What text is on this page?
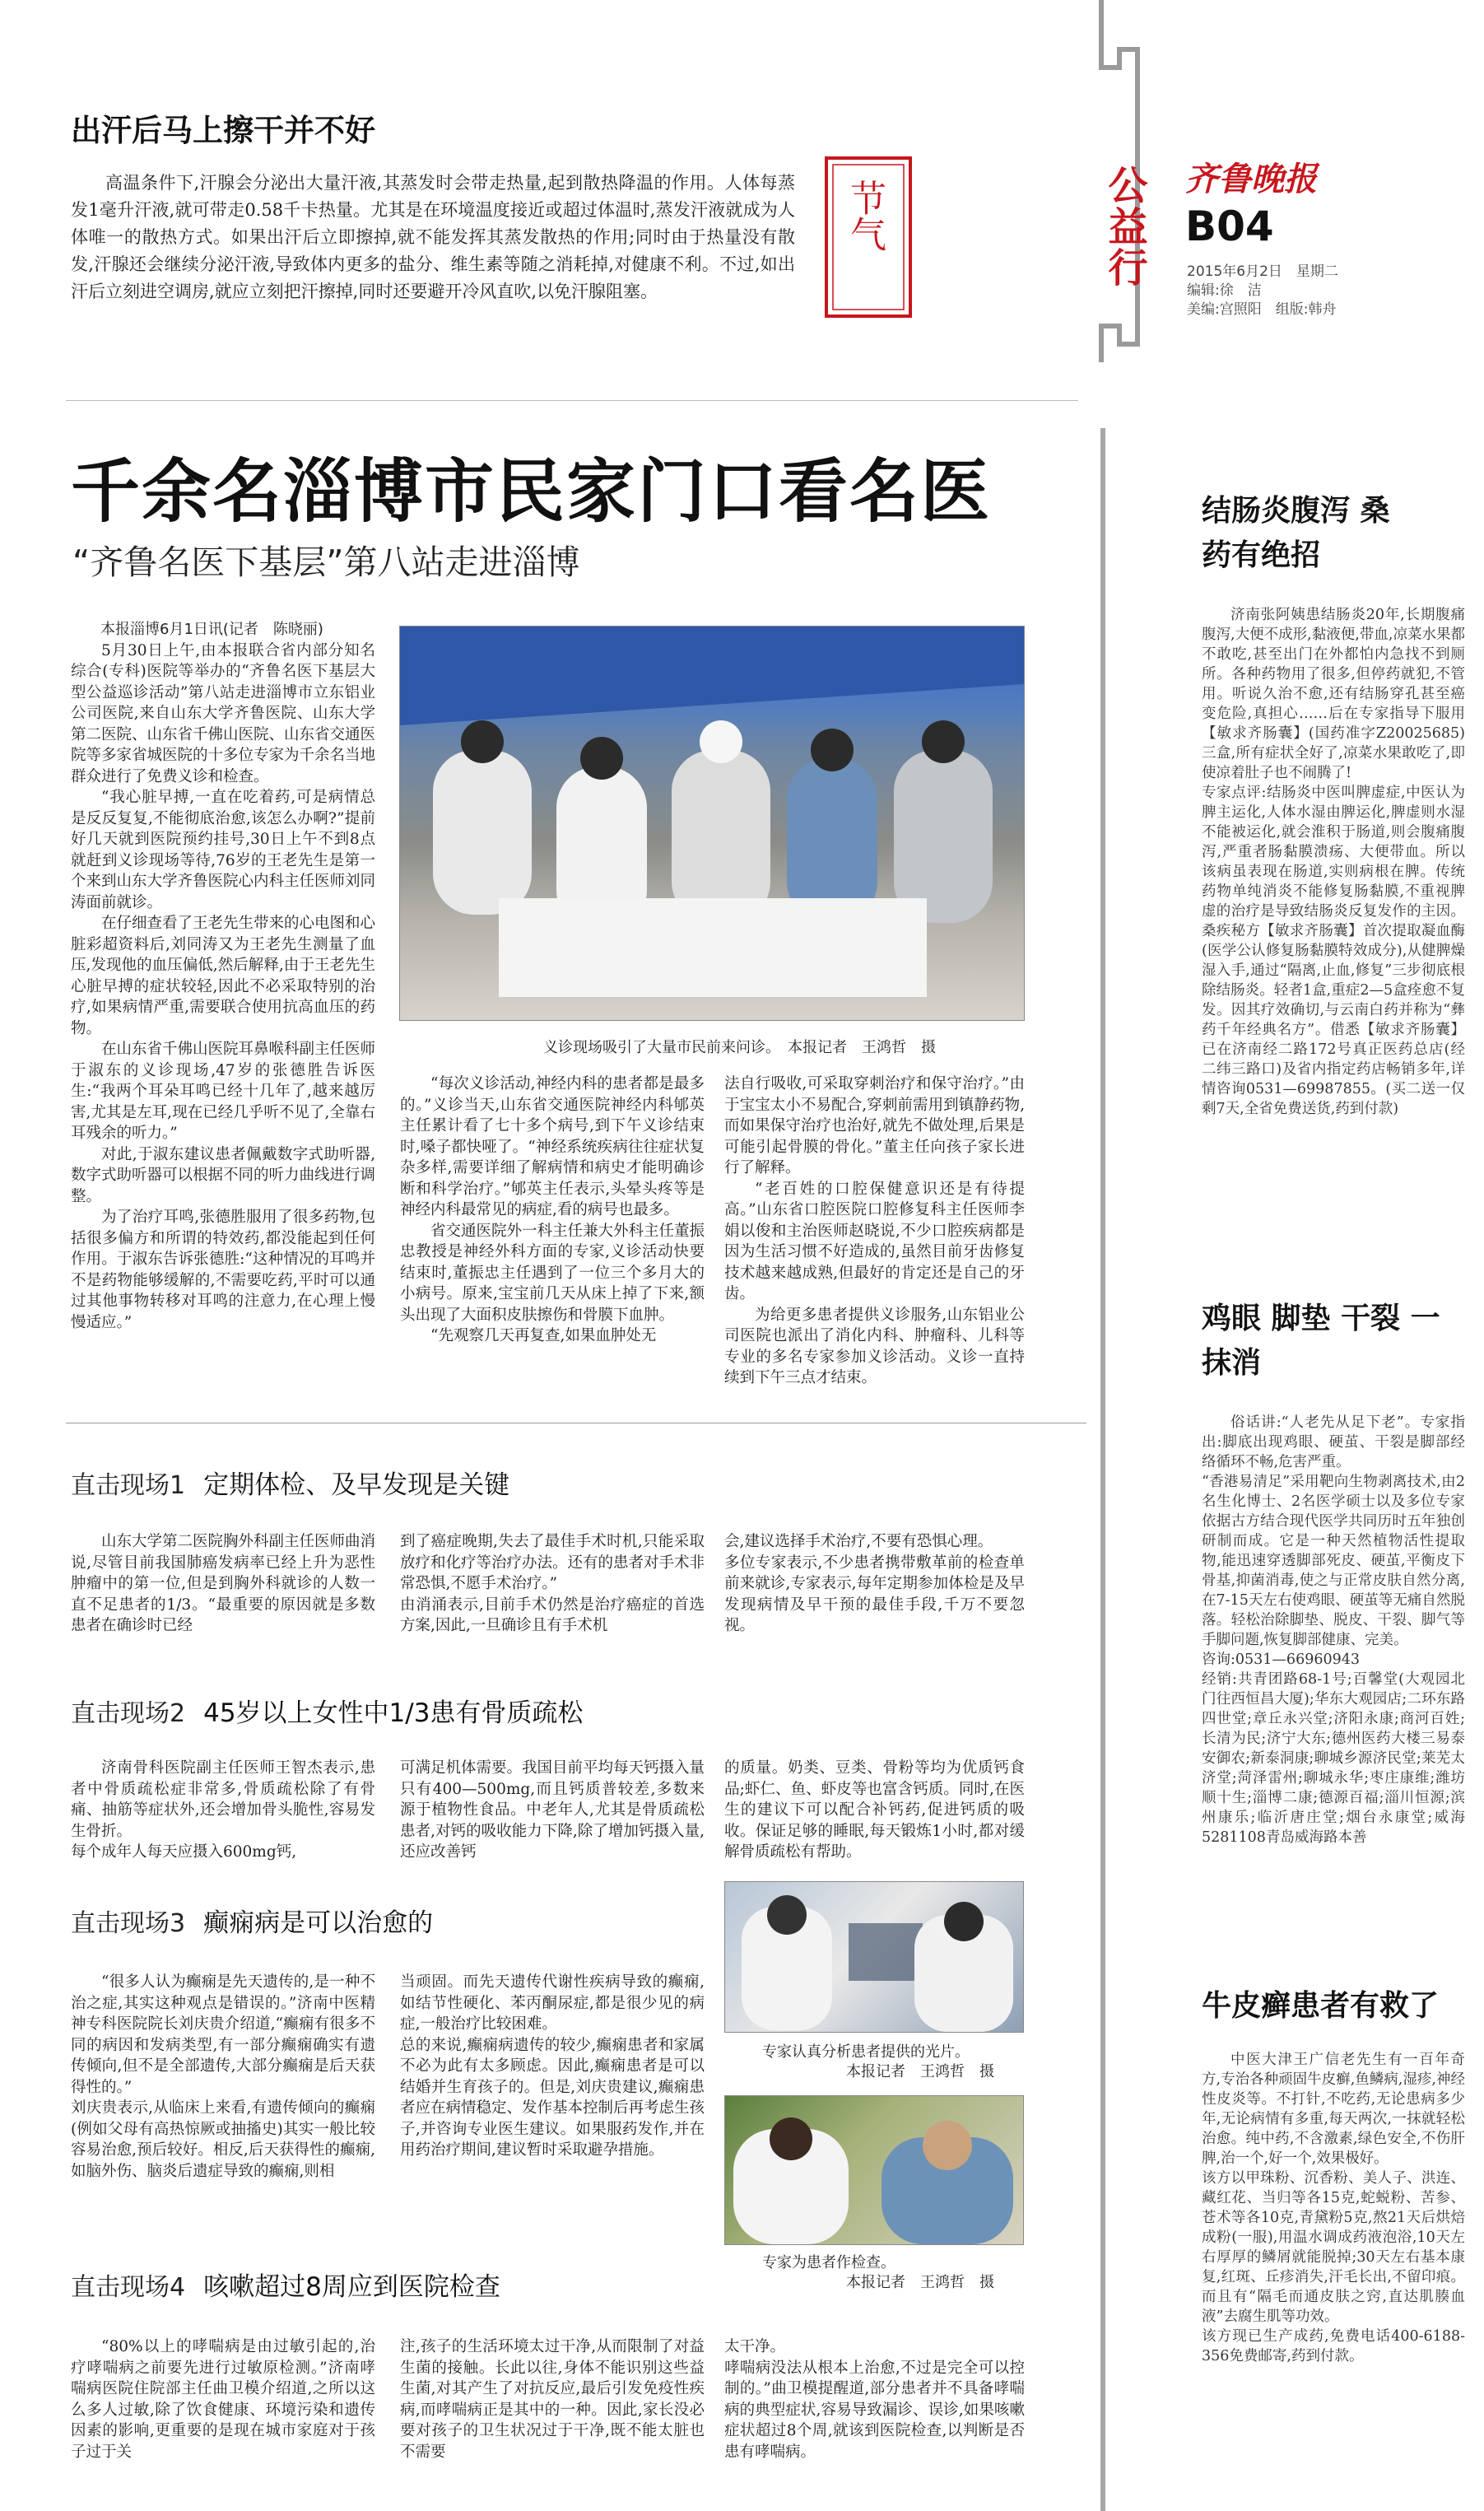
公益行 齐鲁晚报
B04
2015年6月2日　 星期二
编辑:徐　洁
美编:宫照阳　组版:韩舟
出汗后马上擦干并不好

高温条件下,汗腺会分泌出大量汗液,其蒸发时会带走热量,起到散热降温的作用。人体每蒸发1毫升汗液,就可带走0.58千卡热量。尤其是在环境温度接近或超过体温时,蒸发汗液就成为人体唯一的散热方式。如果出汗后立即擦掉,就不能发挥其蒸发散热的作用;同时由于热量没有散发,汗腺还会继续分泌汗液,导致体内更多的盐分、维生素等随之消耗掉,对健康不利。不过,如出汗后立刻进空调房,就应立刻把汗擦掉,同时还要避开冷风直吹,以免汗腺阻塞。

节气
千余名淄博市民家门口看名医
“齐鲁名医下基层”第八站走进淄博
本报淄博6月1日讯(记者　陈晓丽)

5月30日上午,由本报联合省内部分知名综合(专科)医院等举办的“齐鲁名医下基层大型公益巡诊活动”第八站走进淄博市立东铝业公司医院,来自山东大学齐鲁医院、山东大学第二医院、山东省千佛山医院、山东省交通医院等多家省城医院的十多位专家为千余名当地群众进行了免费义诊和检查。

“我心脏早搏,一直在吃着药,可是病情总是反反复复,不能彻底治愈,该怎么办啊?”提前好几天就到医院预约挂号,30日上午不到8点就赶到义诊现场等待,76岁的王老先生是第一个来到山东大学齐鲁医院心内科主任医师刘同涛面前就诊。

在仔细查看了王老先生带来的心电图和心脏彩超资料后,刘同涛又为王老先生测量了血压,发现他的血压偏低,然后解释,由于王老先生心脏早搏的症状较轻,因此不必采取特别的治疗,如果病情严重,需要联合使用抗高血压的药物。

在山东省千佛山医院耳鼻喉科副主任医师于淑东的义诊现场,47岁的张德胜告诉医生:“我两个耳朵耳鸣已经十几年了,越来越厉害,尤其是左耳,现在已经几乎听不见了,全靠右耳残余的听力。”

对此,于淑东建议患者佩戴数字式助听器,数字式助听器可以根据不同的听力曲线进行调整。

为了治疗耳鸣,张德胜服用了很多药物,包括很多偏方和所谓的特效药,都没能起到任何作用。于淑东告诉张德胜:“这种情况的耳鸣并不是药物能够缓解的,不需要吃药,平时可以通过其他事物转移对耳鸣的注意力,在心理上慢慢适应。”

义诊现场吸引了大量市民前来问诊。　本报记者　王鸿哲　摄

“每次义诊活动,神经内科的患者都是最多的。”义诊当天,山东省交通医院神经内科郇英主任累计看了七十多个病号,到下午义诊结束时,嗓子都快哑了。“神经系统疾病往往症状复杂多样,需要详细了解病情和病史才能明确诊断和科学治疗。”郇英主任表示,头晕头疼等是神经内科最常见的病症,看的病号也最多。

省交通医院外一科主任兼大外科主任董振忠教授是神经外科方面的专家,义诊活动快要结束时,董振忠主任遇到了一位三个多月大的小病号。原来,宝宝前几天从床上掉了下来,额头出现了大面积皮肤擦伤和骨膜下血肿。

“先观察几天再复查,如果血肿处无

法自行吸收,可采取穿刺治疗和保守治疗。”由于宝宝太小不易配合,穿刺前需用到镇静药物,而如果保守治疗也治好,就先不做处理,后果是可能引起骨膜的骨化。”董主任向孩子家长进行了解释。

“老百姓的口腔保健意识还是有待提高。”山东省口腔医院口腔修复科主任医师李娟以俊和主治医师赵晓说,不少口腔疾病都是因为生活习惯不好造成的,虽然目前牙齿修复技术越来越成熟,但最好的肯定还是自己的牙齿。

为给更多患者提供义诊服务,山东铝业公司医院也派出了消化内科、肿瘤科、儿科等专业的多名专家参加义诊活动。义诊一直持续到下午三点才结束。

直击现场1 定期体检、及早发现是关键

山东大学第二医院胸外科副主任医师曲消说,尽管目前我国肺癌发病率已经上升为恶性肿瘤中的第一位,但是到胸外科就诊的人数一直不足患者的1/3。“最重要的原因就是多数患者在确诊时已经

到了癌症晚期,失去了最佳手术时机,只能采取放疗和化疗等治疗办法。还有的患者对手术非常恐惧,不愿手术治疗。”
由消涌表示,目前手术仍然是治疗癌症的首选方案,因此,一旦确诊且有手术机

会,建议选择手术治疗,不要有恐惧心理。
多位专家表示,不少患者携带敷革前的检查单前来就诊,专家表示,每年定期参加体检是及早发现病情及早干预的最佳手段,千万不要忽视。

直击现场2 45岁以上女性中1/3患有骨质疏松

济南骨科医院副主任医师王智杰表示,患者中骨质疏松症非常多,骨质疏松除了有骨痛、抽筋等症状外,还会增加骨头脆性,容易发生骨折。
每个成年人每天应摄入600mg钙,

可满足机体需要。我国目前平均每天钙摄入量只有400—500mg,而且钙质普较差,多数来源于植物性食品。中老年人,尤其是骨质疏松患者,对钙的吸收能力下降,除了增加钙摄入量,还应改善钙

的质量。奶类、豆类、骨粉等均为优质钙食品;虾仁、鱼、虾皮等也富含钙质。同时,在医生的建议下可以配合补钙药,促进钙质的吸收。保证足够的睡眠,每天锻炼1小时,都对缓解骨质疏松有帮助。

直击现场3 癫痫病是可以治愈的

“很多人认为癫痫是先天遗传的,是一种不治之症,其实这种观点是错误的。”济南中医精神专科医院院长刘庆贵介绍道,“癫痫有很多不同的病因和发病类型,有一部分癫痫确实有遗传倾向,但不是全部遗传,大部分癫痫是后天获得性的。”
刘庆贵表示,从临床上来看,有遗传倾向的癫痫(例如父母有高热惊厥或抽搐史)其实一般比较容易治愈,预后较好。相反,后天获得性的癫痫,如脑外伤、脑炎后遗症导致的癫痫,则相

当顽固。而先天遗传代谢性疾病导致的癫痫,如结节性硬化、苯丙酮尿症,都是很少见的病症,一般治疗比较困难。
总的来说,癫痫病遗传的较少,癫痫患者和家属不必为此有太多顾虑。因此,癫痫患者是可以结婚并生育孩子的。但是,刘庆贵建议,癫痫患者应在病情稳定、发作基本控制后再考虑生孩子,并咨询专业医生建议。如果服药发作,并在用药治疗期间,建议暂时采取避孕措施。

专家认真分析患者提供的光片。
本报记者　王鸿哲　摄
专家为患者作检查。
本报记者　王鸿哲　摄
直击现场4 咳嗽超过8周应到医院检查

“80%以上的哮喘病是由过敏引起的,治疗哮喘病之前要先进行过敏原检测。”济南哮喘病医院住院部主任曲卫模介绍道,之所以这么多人过敏,除了饮食健康、环境污染和遗传因素的影响,更重要的是现在城市家庭对于孩子过于关

注,孩子的生活环境太过干净,从而限制了对益生菌的接触。长此以往,身体不能识别这些益生菌,对其产生了对抗反应,最后引发免疫性疾病,而哮喘病正是其中的一种。因此,家长没必要对孩子的卫生状况过于干净,既不能太脏也不需要

太干净。
哮喘病没法从根本上治愈,不过是完全可以控制的。”曲卫模提醒道,部分患者并不具备哮喘病的典型症状,容易导致漏诊、误诊,如果咳嗽症状超过8个周,就该到医院检查,以判断是否患有哮喘病。

结肠炎腹泻 桑药有绝招

济南张阿姨患结肠炎20年,长期腹痛腹泻,大便不成形,黏液便,带血,凉菜水果都不敢吃,甚至出门在外都怕内急找不到厕所。各种药物用了很多,但停药就犯,不管用。听说久治不愈,还有结肠穿孔甚至癌变危险,真担心……后在专家指导下服用【敏求齐肠囊】(国药准字Z20025685)三盒,所有症状全好了,凉菜水果敢吃了,即使凉着肚子也不闹腾了!
专家点评:结肠炎中医叫脾虚症,中医认为脾主运化,人体水湿由脾运化,脾虚则水湿不能被运化,就会淮积于肠道,则会腹痛腹泻,严重者肠黏膜溃疡、大便带血。所以该病虽表现在肠道,实则病根在脾。传统药物单纯消炎不能修复肠黏膜,不重视脾虚的治疗是导致结肠炎反复发作的主因。桑疾秘方【敏求齐肠囊】首次提取凝血酶(医学公认修复肠黏膜特效成分),从健脾燥湿入手,通过“隔离,止血,修复”三步彻底根除结肠炎。轻者1盒,重症2—5盒痊愈不复发。因其疗效确切,与云南白药并称为“彝药千年经典名方”。借悉【敏求齐肠囊】已在济南经二路172号真正医药总店(经二纬三路口)及省内指定药店畅销多年,详情咨询0531—69987855。(买二送一仅剩7天,全省免费送货,药到付款)

鸡眼 脚垫 干裂 一抹消

俗话讲:“人老先从足下老”。专家指出:脚底出现鸡眼、硬茧、干裂是脚部经络循环不畅,危害严重。
“香港易清足”采用靶向生物剥离技术,由2名生化博士、2名医学硕士以及多位专家依据古方结合现代医学共同历时五年独创研制而成。它是一种天然植物活性提取物,能迅速穿透脚部死皮、硬茧,平衡皮下骨基,抑菌消毒,使之与正常皮肤自然分离,在7-15天左右使鸡眼、硬茧等无痛自然脱落。轻松治除脚垫、脱皮、干裂、脚气等手脚问题,恢复脚部健康、完美。
咨询:0531—66960943
经销:共青团路68-1号;百馨堂(大观园北门往西恒昌大厦);华东大观园店;二环东路四世堂;章丘永兴堂;济阳永康;商河百姓;长清为民;济宁大东;德州医药大楼三易泰安御农;新泰洞康;聊城乡源济民堂;莱芜太济堂;菏泽雷州;聊城永华;枣庄康维;潍坊顺十生;淄博二康;德源百福;淄川恒源;滨州康乐;临沂唐庄堂;烟台永康堂;威海5281108青岛威海路本善

牛皮癣患者有救了

中医大津王广信老先生有一百年奇方,专治各种顽固牛皮癣,鱼鳞病,湿疹,神经性皮炎等。不打针,不吃药,无论患病多少年,无论病情有多重,每天两次,一抹就轻松治愈。纯中药,不含激素,绿色安全,不伤肝脾,治一个,好一个,效果极好。
该方以甲珠粉、沉香粉、美人子、洪连、藏红花、当归等各15克,蛇蜕粉、苦参、苍术等各10克,青黛粉5克,熬21天后烘焙成粉(一服),用温水调成药液泡浴,10天左右厚厚的鳞屑就能脱掉;30天左右基本康复,红斑、丘疹消失,汗毛长出,不留印痕。而且有“隔毛而通皮肤之窍,直达肌腠血液”去腐生肌等功效。
该方现已生产成药,免费电话400-6188-356免费邮寄,药到付款。
